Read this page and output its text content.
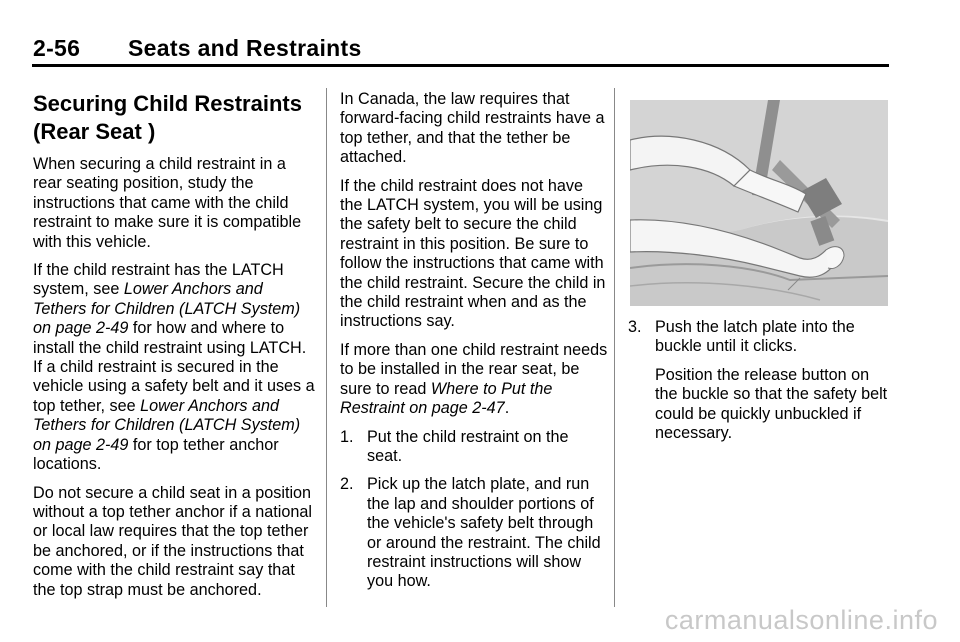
2-56 Seats and Restraints
Securing Child Restraints (Rear Seat )

When securing a child restraint in a rear seating position, study the instructions that came with the child restraint to make sure it is compatible with this vehicle.

If the child restraint has the LATCH system, see Lower Anchors and Tethers for Children (LATCH System) on page 2-49 for how and where to install the child restraint using LATCH. If a child restraint is secured in the vehicle using a safety belt and it uses a top tether, see Lower Anchors and Tethers for Children (LATCH System) on page 2-49 for top tether anchor locations.

Do not secure a child seat in a position without a top tether anchor if a national or local law requires that the top tether be anchored, or if the instructions that come with the child restraint say that the top strap must be anchored.

In Canada, the law requires that forward-facing child restraints have a top tether, and that the tether be attached.

If the child restraint does not have the LATCH system, you will be using the safety belt to secure the child restraint in this position. Be sure to follow the instructions that came with the child restraint. Secure the child in the child restraint when and as the instructions say.

If more than one child restraint needs to be installed in the rear seat, be sure to read Where to Put the Restraint on page 2-47.

1. Put the child restraint on the seat.
2. Pick up the latch plate, and run the lap and shoulder portions of the vehicle's safety belt through or around the restraint. The child restraint instructions will show you how.
3. Push the latch plate into the buckle until it clicks.

Position the release button on the buckle so that the safety belt could be quickly unbuckled if necessary.

carmanualsonline.info
